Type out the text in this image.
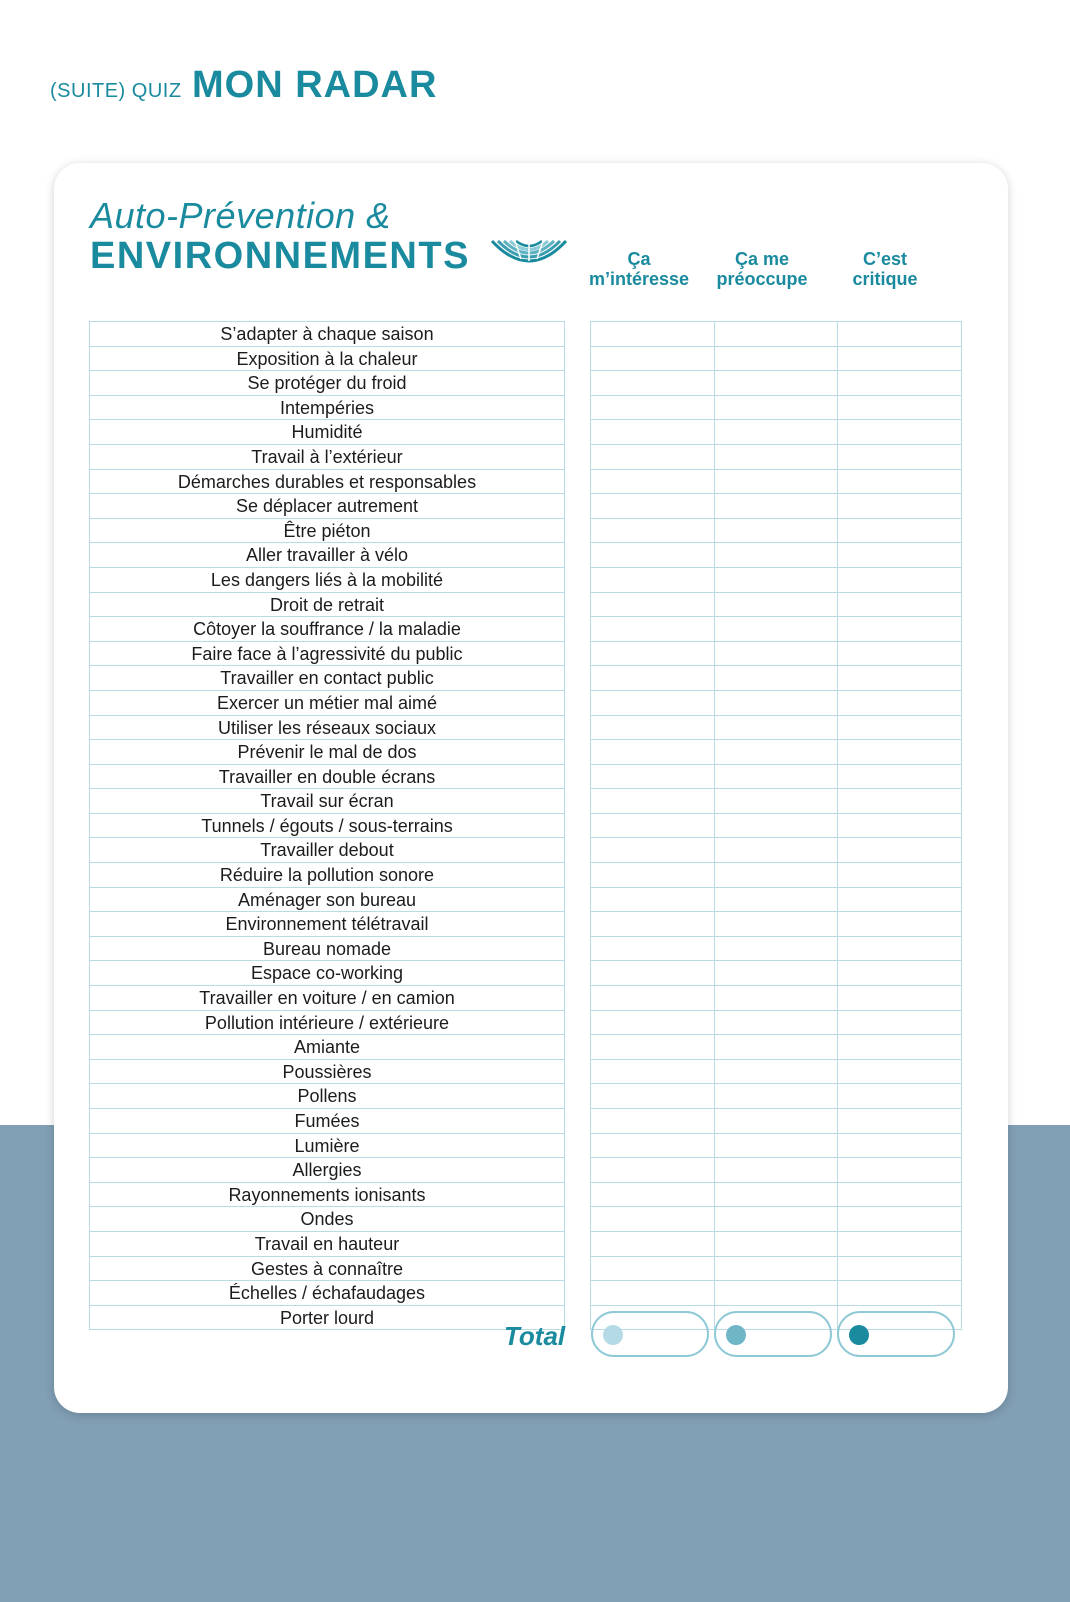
(SUITE) QUIZ MON RADAR
Auto-Prévention &
ENVIRONNEMENTS	Ça
m’intéresse
Ça me
préoccupe
C’est
critique
S’adapter à chaque saison
Exposition à la chaleur
Se protéger du froid
Intempéries
Humidité
Travail à l’extérieur
Démarches durables et responsables
Se déplacer autrement
Être piéton
Aller travailler à vélo
Les dangers liés à la mobilité
Droit de retrait
Côtoyer la souffrance / la maladie
Faire face à l’agressivité du public
Travailler en contact public
Exercer un métier mal aimé
Utiliser les réseaux sociaux
Prévenir le mal de dos
Travailler en double écrans
Travail sur écran
Tunnels / égouts / sous-terrains
Travailler debout
Réduire la pollution sonore
Aménager son bureau
Environnement télétravail
Bureau nomade
Espace co-working
Travailler en voiture / en camion
Pollution intérieure / extérieure
Amiante
Poussières
Pollens
Fumées
Lumière
Allergies
Rayonnements ionisants
Ondes
Travail en hauteur
Gestes à connaître
Échelles / échafaudages
Porter lourd
Total
